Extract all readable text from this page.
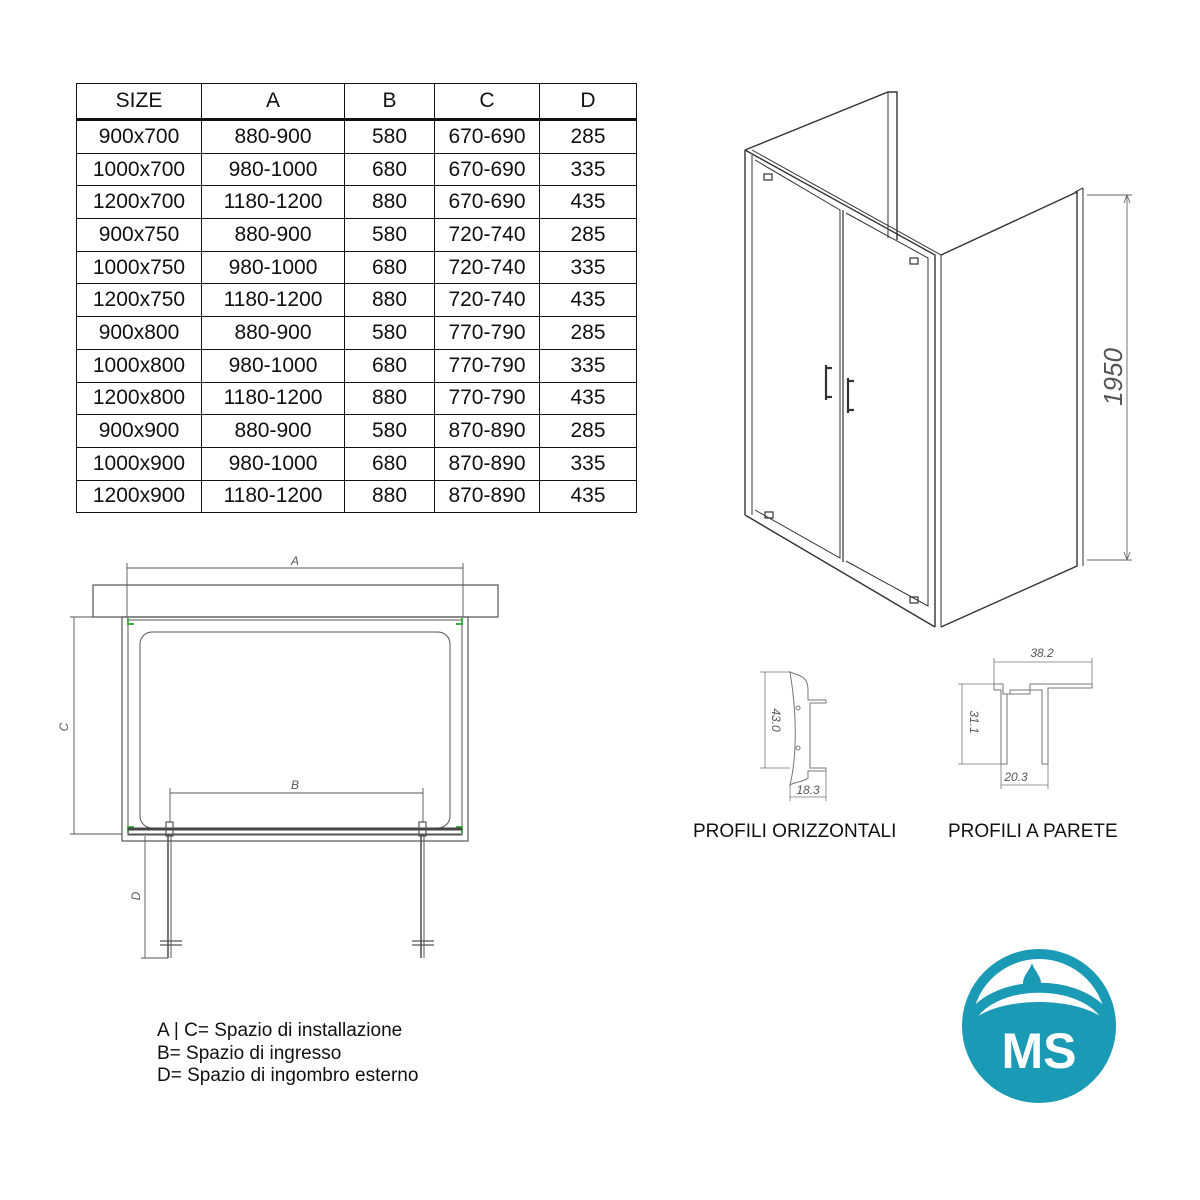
SIZE	A	B	C	D
900x700	880-900	580	670-690	285
1000x700	980-1000	680	670-690	335
1200x700	1180-1200	880	670-690	435
900x750	880-900	580	720-740	285
1000x750	980-1000	680	720-740	335
1200x750	1180-1200	880	720-740	435
900x800	880-900	580	770-790	285
1000x800	980-1000	680	770-790	335
1200x800	1180-1200	880	770-790	435
900x900	880-900	580	870-890	285
1000x900	980-1000	680	870-890	335
1200x900	1180-1200	880	870-890	435
A
B
C
D
1950
43.0
18.3
38.2
31.1
20.3
MS
PROFILI ORIZZONTALI	PROFILI A PARETE
A | C= Spazio di installazione
B= Spazio di ingresso
D= Spazio di ingombro esterno
